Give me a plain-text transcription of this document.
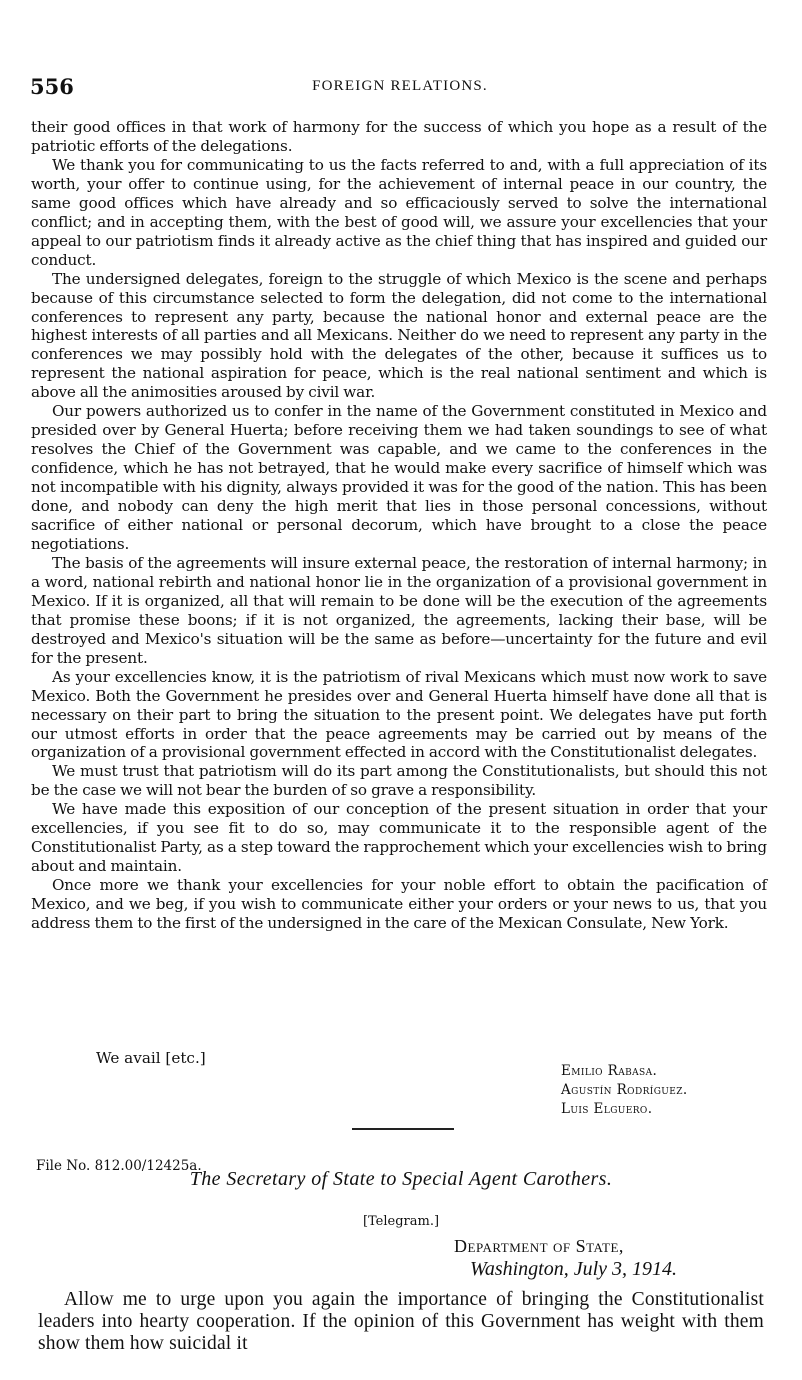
556	FOREIGN RELATIONS.

their good offices in that work of harmony for the success of which you hope as a result of the patriotic efforts of the delegations.

We thank you for communicating to us the facts referred to and, with a full appreciation of its worth, your offer to continue using, for the achievement of internal peace in our country, the same good offices which have already and so efficaciously served to solve the international conflict; and in accepting them, with the best of good will, we assure your excellencies that your appeal to our patriotism finds it already active as the chief thing that has inspired and guided our conduct.

The undersigned delegates, foreign to the struggle of which Mexico is the scene and perhaps because of this circumstance selected to form the delegation, did not come to the international conferences to represent any party, because the national honor and external peace are the highest interests of all parties and all Mexicans. Neither do we need to represent any party in the conferences we may possibly hold with the delegates of the other, because it suffices us to represent the national aspiration for peace, which is the real national sentiment and which is above all the animosities aroused by civil war.

Our powers authorized us to confer in the name of the Government constituted in Mexico and presided over by General Huerta; before receiving them we had taken soundings to see of what resolves the Chief of the Government was capable, and we came to the conferences in the confidence, which he has not betrayed, that he would make every sacrifice of himself which was not incompatible with his dignity, always provided it was for the good of the nation. This has been done, and nobody can deny the high merit that lies in those personal concessions, without sacrifice of either national or personal decorum, which have brought to a close the peace negotiations.

The basis of the agreements will insure external peace, the restoration of internal harmony; in a word, national rebirth and national honor lie in the organization of a provisional government in Mexico. If it is organized, all that will remain to be done will be the execution of the agreements that promise these boons; if it is not organized, the agreements, lacking their base, will be destroyed and Mexico's situation will be the same as before—uncertainty for the future and evil for the present.

As your excellencies know, it is the patriotism of rival Mexicans which must now work to save Mexico. Both the Government he presides over and General Huerta himself have done all that is necessary on their part to bring the situation to the present point. We delegates have put forth our utmost efforts in order that the peace agreements may be carried out by means of the organization of a provisional government effected in accord with the Constitutionalist delegates.

We must trust that patriotism will do its part among the Constitutionalists, but should this not be the case we will not bear the burden of so grave a responsibility.

We have made this exposition of our conception of the present situation in order that your excellencies, if you see fit to do so, may communicate it to the responsible agent of the Constitutionalist Party, as a step toward the rapprochement which your excellencies wish to bring about and maintain.

Once more we thank your excellencies for your noble effort to obtain the pacification of Mexico, and we beg, if you wish to communicate either your orders or your news to us, that you address them to the first of the undersigned in the care of the Mexican Consulate, New York.

We avail [etc.]
Emilio Rabasa.
Agustín Rodríguez.
Luis Elguero.
File No. 812.00/12425a.
The Secretary of State to Special Agent Carothers.
[Telegram.]
Department of State,
Washington, July 3, 1914.

Allow me to urge upon you again the importance of bringing the Constitutionalist leaders into hearty cooperation. If the opinion of this Government has weight with them show them how suicidal it
